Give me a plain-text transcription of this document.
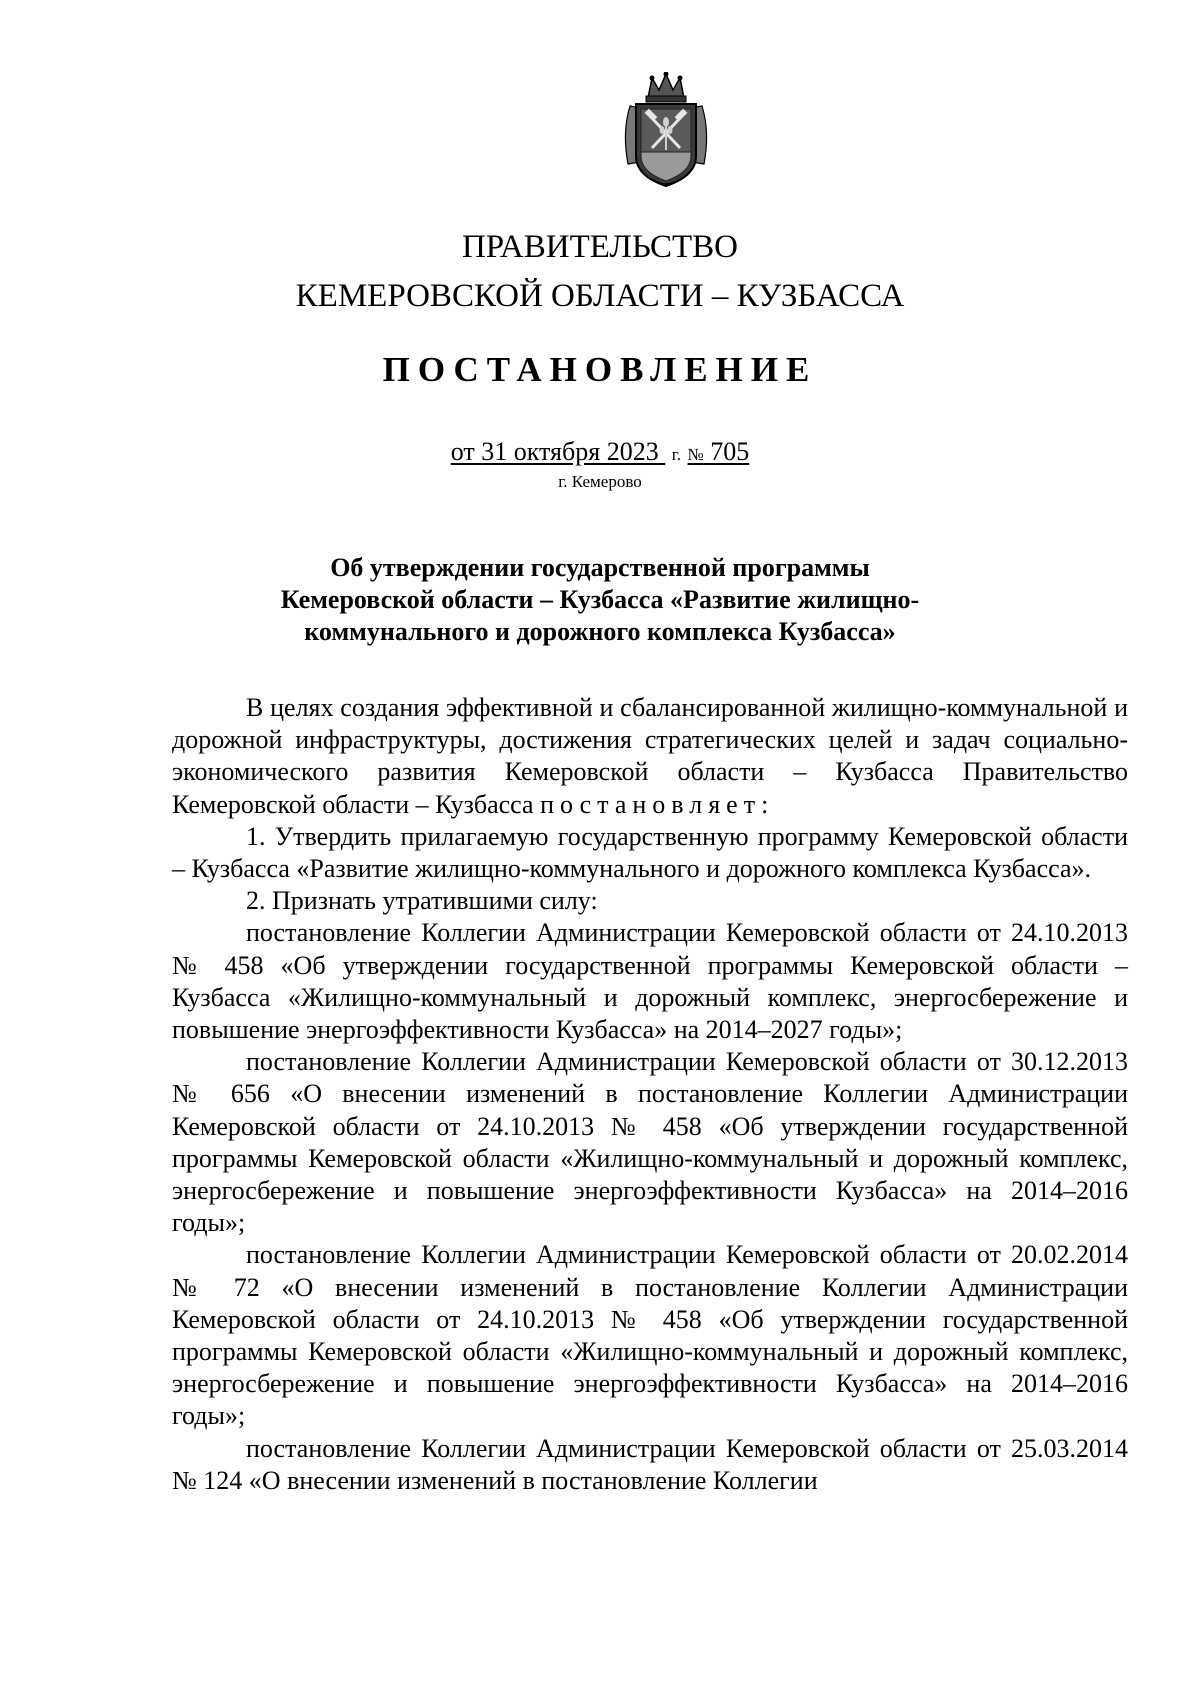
ПРАВИТЕЛЬСТВО
КЕМЕРОВСКОЙ ОБЛАСТИ – КУЗБАССА
ПОСТАНОВЛЕНИЕ
от 31 октября 2023 г. № 705
г. Кемерово
Об утверждении государственной программы
Кемеровской области – Кузбасса «Развитие жилищно-
коммунального и дорожного комплекса Кузбасса»

В целях создания эффективной и сбалансированной жилищно-коммунальной и дорожной инфраструктуры, достижения стратегических целей и задач социально-экономического развития Кемеровской области – Кузбасса Правительство Кемеровской области – Кузбасса постановляет:

1. Утвердить прилагаемую государственную программу Кемеровской области – Кузбасса «Развитие жилищно-коммунального и дорожного комплекса Кузбасса».

2. Признать утратившими силу:

постановление Коллегии Администрации Кемеровской области от 24.10.2013 № 458 «Об утверждении государственной программы Кемеровской области – Кузбасса «Жилищно-коммунальный и дорожный комплекс, энергосбережение и повышение энергоэффективности Кузбасса» на 2014–2027 годы»;

постановление Коллегии Администрации Кемеровской области от 30.12.2013 № 656 «О внесении изменений в постановление Коллегии Администрации Кемеровской области от 24.10.2013 № 458 «Об утверждении государственной программы Кемеровской области «Жилищно-коммунальный и дорожный комплекс, энергосбережение и повышение энергоэффективности Кузбасса» на 2014–2016 годы»;

постановление Коллегии Администрации Кемеровской области от 20.02.2014 № 72 «О внесении изменений в постановление Коллегии Администрации Кемеровской области от 24.10.2013 № 458 «Об утверждении государственной программы Кемеровской области «Жилищно-коммунальный и дорожный комплекс, энергосбережение и повышение энергоэффективности Кузбасса» на 2014–2016 годы»;

постановление Коллегии Администрации Кемеровской области от 25.03.2014 № 124 «О внесении изменений в постановление Коллегии
